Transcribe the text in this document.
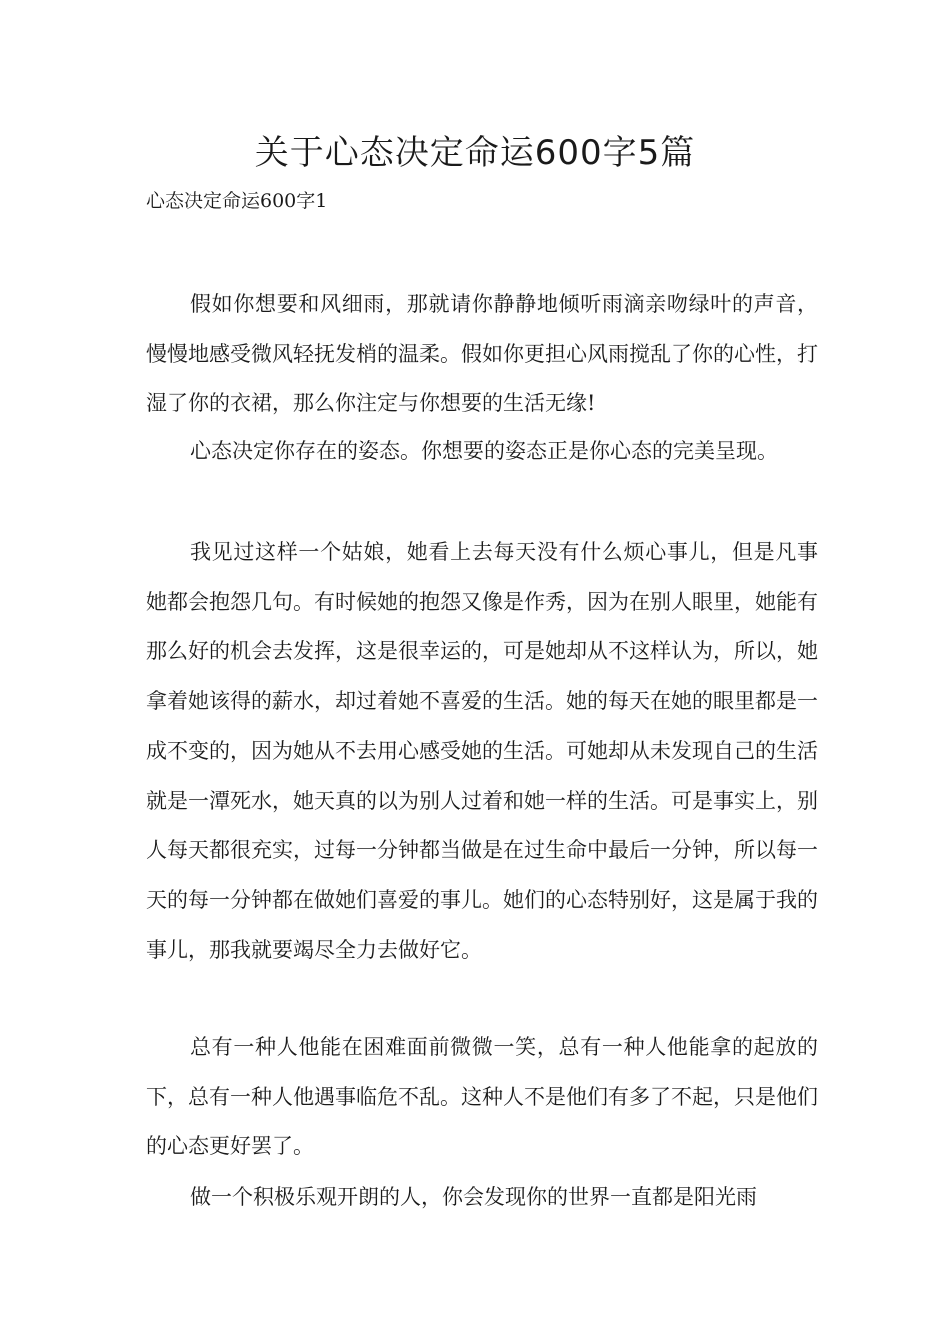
关于心态决定命运600字5篇

心态决定命运600字1

假如你想要和风细雨，那就请你静静地倾听雨滴亲吻绿叶的声音，慢慢地感受微风轻抚发梢的温柔。假如你更担心风雨搅乱了你的心性，打湿了你的衣裙，那么你注定与你想要的生活无缘!

心态决定你存在的姿态。你想要的姿态正是你心态的完美呈现。

我见过这样一个姑娘，她看上去每天没有什么烦心事儿，但是凡事她都会抱怨几句。有时候她的抱怨又像是作秀，因为在别人眼里，她能有那么好的机会去发挥，这是很幸运的，可是她却从不这样认为，所以，她拿着她该得的薪水，却过着她不喜爱的生活。她的每天在她的眼里都是一成不变的，因为她从不去用心感受她的生活。可她却从未发现自己的生活就是一潭死水，她天真的以为别人过着和她一样的生活。可是事实上，别人每天都很充实，过每一分钟都当做是在过生命中最后一分钟，所以每一天的每一分钟都在做她们喜爱的事儿。她们的心态特别好，这是属于我的事儿，那我就要竭尽全力去做好它。

总有一种人他能在困难面前微微一笑，总有一种人他能拿的起放的下，总有一种人他遇事临危不乱。这种人不是他们有多了不起，只是他们的心态更好罢了。

做一个积极乐观开朗的人，你会发现你的世界一直都是阳光雨
